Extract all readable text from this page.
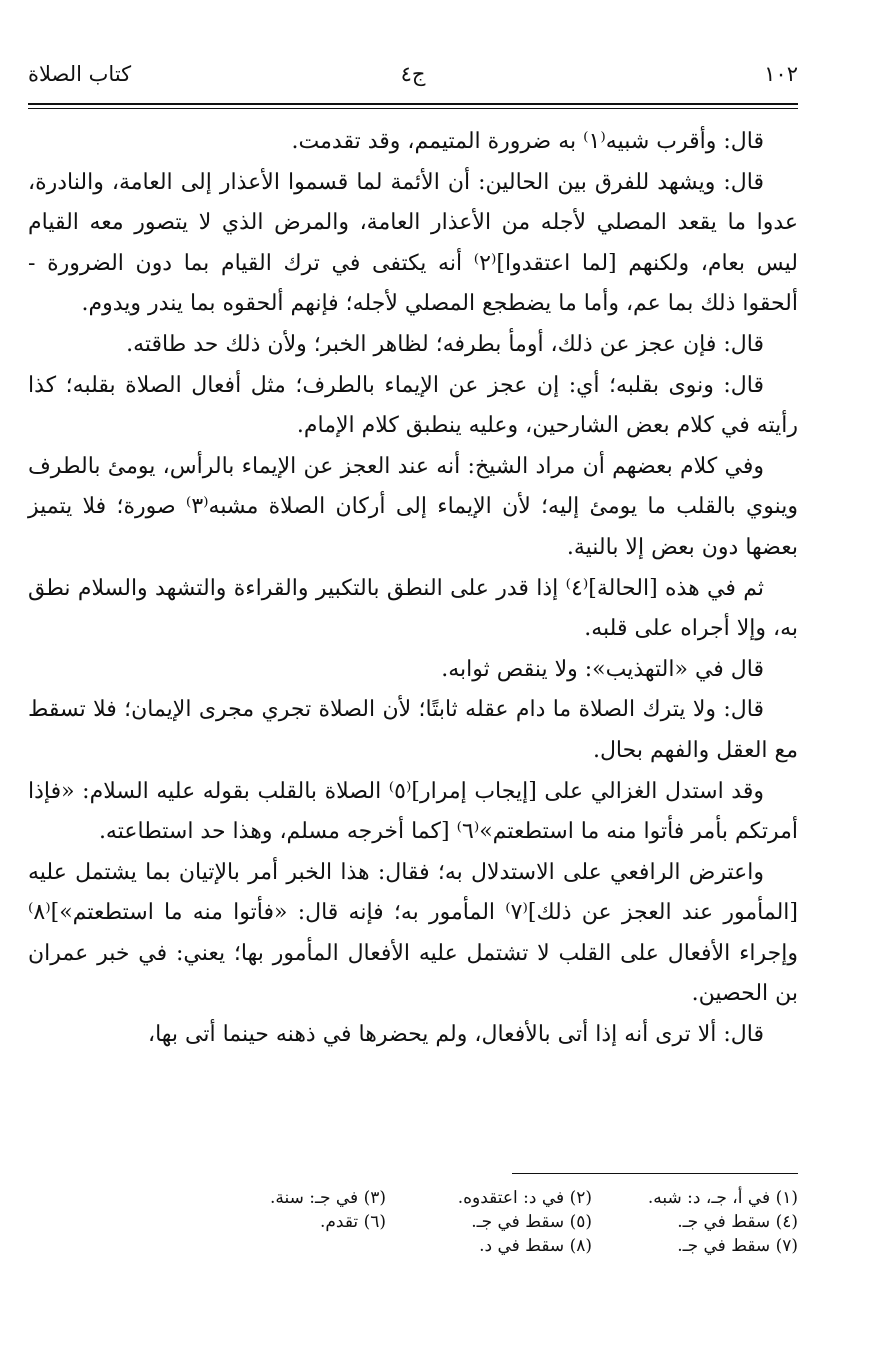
١٠٢
ج٤
كتاب الصلاة

قال: وأقرب شبيه⁽١⁾ به ضرورة المتيمم، وقد تقدمت.

قال: ويشهد للفرق بين الحالين: أن الأئمة لما قسموا الأعذار إلى العامة، والنادرة، عدوا ما يقعد المصلي لأجله من الأعذار العامة، والمرض الذي لا يتصور معه القيام ليس بعام، ولكنهم [لما اعتقدوا]⁽٢⁾ أنه يكتفى في ترك القيام بما دون الضرورة - ألحقوا ذلك بما عم، وأما ما يضطجع المصلي لأجله؛ فإنهم ألحقوه بما يندر ويدوم.

قال: فإن عجز عن ذلك، أومأ بطرفه؛ لظاهر الخبر؛ ولأن ذلك حد طاقته.

قال: ونوى بقلبه؛ أي: إن عجز عن الإيماء بالطرف؛ مثل أفعال الصلاة بقلبه؛ كذا رأيته في كلام بعض الشارحين، وعليه ينطبق كلام الإمام.

وفي كلام بعضهم أن مراد الشيخ: أنه عند العجز عن الإيماء بالرأس، يومئ بالطرف وينوي بالقلب ما يومئ إليه؛ لأن الإيماء إلى أركان الصلاة مشبه⁽٣⁾ صورة؛ فلا يتميز بعضها دون بعض إلا بالنية.

ثم في هذه [الحالة]⁽٤⁾ إذا قدر على النطق بالتكبير والقراءة والتشهد والسلام نطق به، وإلا أجراه على قلبه.

قال في «التهذيب»: ولا ينقص ثوابه.

قال: ولا يترك الصلاة ما دام عقله ثابتًا؛ لأن الصلاة تجري مجرى الإيمان؛ فلا تسقط مع العقل والفهم بحال.

وقد استدل الغزالي على [إيجاب إمرار]⁽٥⁾ الصلاة بالقلب بقوله عليه السلام: «فإذا أمرتكم بأمر فأتوا منه ما استطعتم»⁽٦⁾ [كما أخرجه مسلم، وهذا حد استطاعته.

واعترض الرافعي على الاستدلال به؛ فقال: هذا الخبر أمر بالإتيان بما يشتمل عليه [المأمور عند العجز عن ذلك]⁽٧⁾ المأمور به؛ فإنه قال: «فأتوا منه ما استطعتم»]⁽٨⁾ وإجراء الأفعال على القلب لا تشتمل عليه الأفعال المأمور بها؛ يعني: في خبر عمران بن الحصين.

قال: ألا ترى أنه إذا أتى بالأفعال، ولم يحضرها في ذهنه حينما أتى بها،

(١) في أ، جـ، د: شبه.
(٢) في د: اعتقدوه.
(٣) في جـ: سنة.
(٤) سقط في جـ.
(٥) سقط في جـ.
(٦) تقدم.
(٧) سقط في جـ.
(٨) سقط في د.
